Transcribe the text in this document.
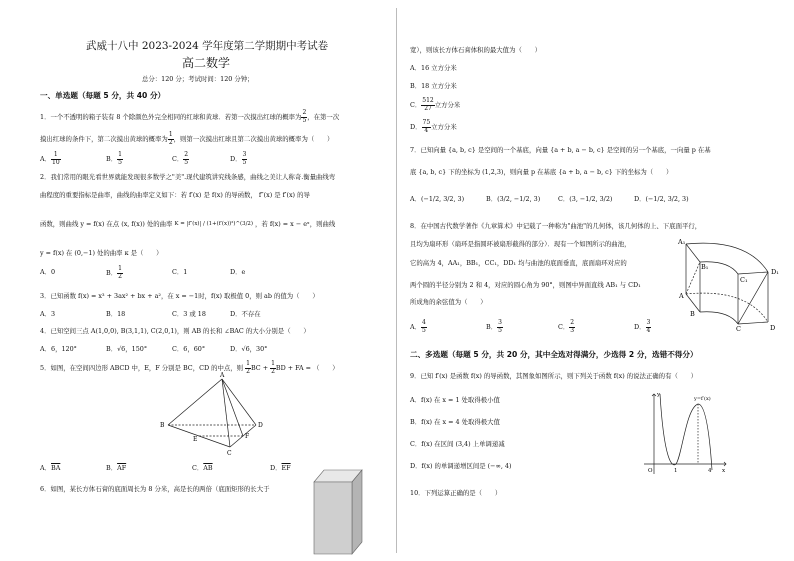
武威十八中 2023-2024 学年度第二学期期中考试卷
高二数学
总分：120 分；考试时间：120 分钟；
一、单选题（每题 5 分，共 40 分）
1．一个不透明的箱子装有 8 个除颜色外完全相同的红球和黄球．若第一次摸出红球的概率为 $\frac{2}{5}$ ，在第一次
摸出红球的条件下，第二次摸出黄球的概率为 $\frac{1}{2}$ ，则第一次摸出红球且第二次摸出黄球的概率为（　　）
A． $\frac{1}{10}$	B． $\frac{1}{5}$	C． $\frac{2}{5}$	D． $\frac{3}{5}$
2．我们常用的眼光看世界就能发现很多数学之"美".现代建筑讲究线条感，曲线之美让人称奇.衡量曲线弯
曲程度的重要指标是曲率，曲线的曲率定义如下：若 f′(x) 是 f(x) 的导函数， f″(x) 是 f′(x) 的导
函数，则曲线 y = f(x) 在点 (x, f(x)) 处的曲率 K = |f″(x)| / (1+(f′(x))²)^(3/2) ，若 f(x) = x − eˣ，则曲线
y = f(x) 在 (0,−1) 处的曲率 κ 是（　　）
A．0	B． $\frac{1}{2}$	C．1	D．e
3．已知函数 f(x) = x³ + 3ax² + bx + a²，在 x = −1时，f(x) 取极值 0，则 ab 的值为（　　）
A．3	B．18	C．3 或 18	D．不存在
4．已知空间三点 A(1,0,0), B(3,1,1), C(2,0,1)，则 AB 的长和 ∠BAC 的大小分别是（　　）
A．6，120°	B．√6，150°	C．6，60°	D．√6，30°
5．如图，在空间四边形 ABCD 中，E，F 分别是 BC，CD 的中点，则 $\frac{1}{2}$ BC + $\frac{1}{2}$ BD + FA = （　　）
A
B
C
D
E	F
A．$\overline{BA}$	B．$\overline{AF}$	C．$\overline{AB}$	D．$\overline{EF}$
6．如图，某长方体石膏的底面周长为 8 分米，高是长的两倍（底面矩形的长大于
宽），则该长方体石膏体积的最大值为（　　）
A．16 立方分米
B．18 立方分米
C． $\frac{512}{27}$ 立方分米
D． $\frac{75}{4}$ 立方分米
7．已知向量 {a, b, c} 是空间的一个基底，向量 {a + b, a − b, c} 是空间的另一个基底，一向量 p 在基
底 {a, b, c} 下的坐标为 (1,2,3)，则向量 p 在基底 {a + b, a − b, c} 下的坐标为（　　）
A．(−1/2, 3/2, 3)	B．(3/2, −1/2, 3)	C．(3, −1/2, 3/2)	D．(−1/2, 3/2, 3)
8．在中国古代数学著作《九章算术》中记载了一种称为"曲池"的几何体，该几何体的上、下底面平行，
且均为扇环形（扇环是指圆环被扇形截得的部分）．现有一个如图所示的曲池，
它的高为 4，AA₁，BB₁，CC₁，DD₁ 均与曲池的底面垂直，底面扇环对应的
两个圆的半径分别为 2 和 4，对应的圆心角为 90°，则图中异面直线 AB₁ 与 CD₁
所成角的余弦值为（　　）
A₁
B₁
C₁
D₁
A
B
C	D
A． $\frac{4}{5}$	B． $\frac{3}{5}$	C． $\frac{2}{3}$	D． $\frac{3}{4}$
二、多选题（每题 5 分，共 20 分，其中全选对得满分，少选得 2 分，选错不得分）
9．已知 f′(x) 是函数 f(x) 的导函数，其图象如图所示，则下列关于函数 f(x) 的说法正确的有（　　）
A．f(x) 在 x = 1 处取得极小值
B．f(x) 在 x = 4 处取得极大值
C．f(x) 在区间 (3,4) 上单调递减
D．f(x) 的单调递增区间是 (−∞, 4)
O	1	4 x
y
y=f′(x)
10．下列运算正确的是（　　）
